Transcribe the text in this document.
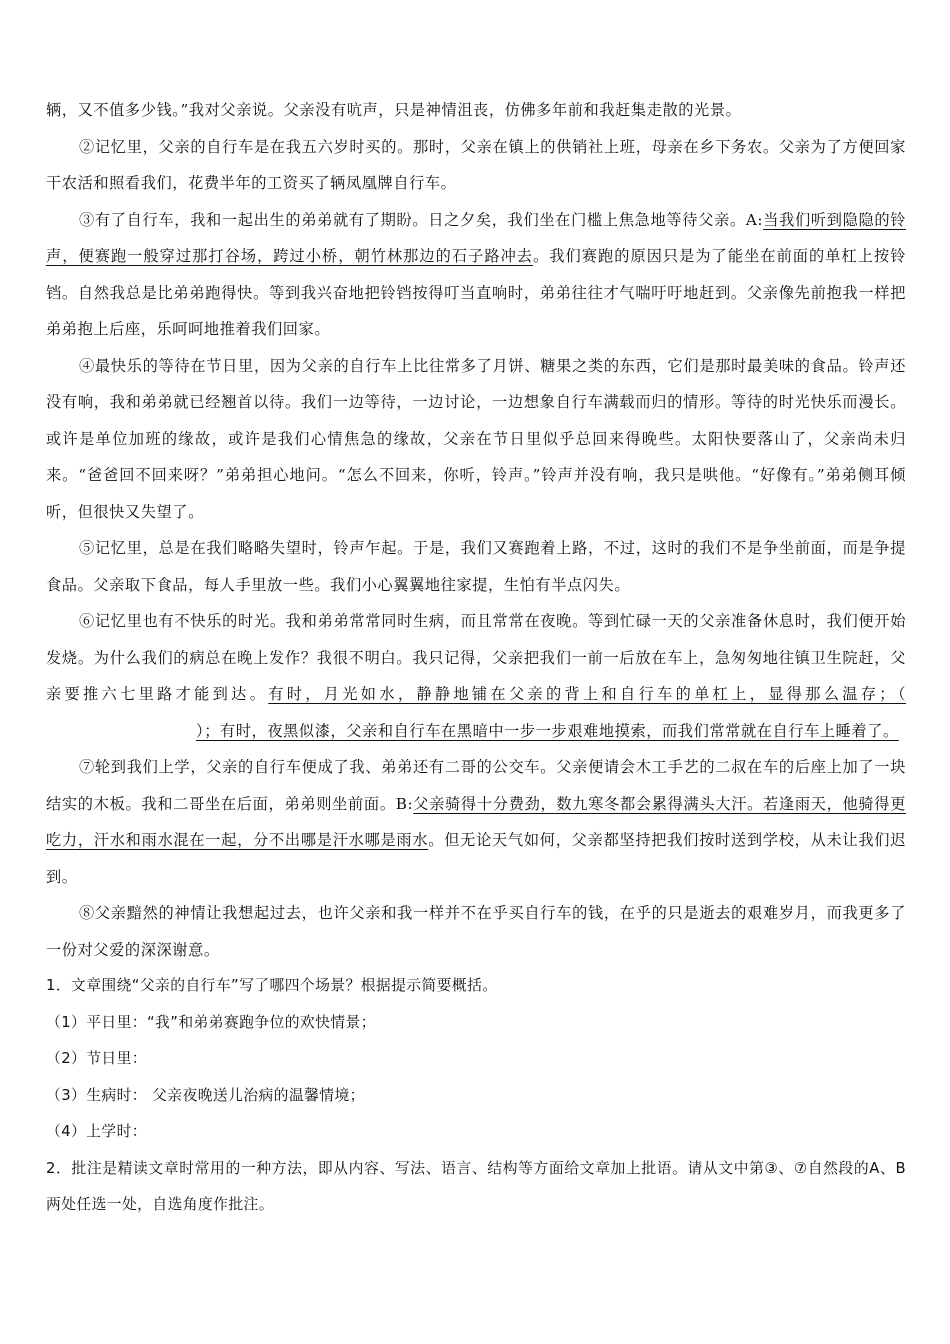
辆，又不值多少钱。”我对父亲说。父亲没有吭声，只是神情沮丧，仿佛多年前和我赶集走散的光景。

②记忆里，父亲的自行车是在我五六岁时买的。那时，父亲在镇上的供销社上班，母亲在乡下务农。父亲为了方便回家干农活和照看我们，花费半年的工资买了辆凤凰牌自行车。

③有了自行车，我和一起出生的弟弟就有了期盼。日之夕矣，我们坐在门槛上焦急地等待父亲。A:当我们听到隐隐的铃声，便赛跑一般穿过那打谷场，跨过小桥，朝竹林那边的石子路冲去。我们赛跑的原因只是为了能坐在前面的单杠上按铃铛。自然我总是比弟弟跑得快。等到我兴奋地把铃铛按得叮当直响时，弟弟往往才气喘吁吁地赶到。父亲像先前抱我一样把弟弟抱上后座，乐呵呵地推着我们回家。

④最快乐的等待在节日里，因为父亲的自行车上比往常多了月饼、糖果之类的东西，它们是那时最美味的食品。铃声还没有响，我和弟弟就已经翘首以待。我们一边等待，一边讨论，一边想象自行车满载而归的情形。等待的时光快乐而漫长。或许是单位加班的缘故，或许是我们心情焦急的缘故，父亲在节日里似乎总回来得晚些。太阳快要落山了，父亲尚未归来。“爸爸回不回来呀？”弟弟担心地问。“怎么不回来，你听，铃声。”铃声并没有响，我只是哄他。“好像有。”弟弟侧耳倾听，但很快又失望了。

⑤记忆里，总是在我们略略失望时，铃声乍起。于是，我们又赛跑着上路，不过，这时的我们不是争坐前面，而是争提食品。父亲取下食品，每人手里放一些。我们小心翼翼地往家提，生怕有半点闪失。

⑥记忆里也有不快乐的时光。我和弟弟常常同时生病，而且常常在夜晚。等到忙碌一天的父亲准备休息时，我们便开始发烧。为什么我们的病总在晚上发作？我很不明白。我只记得，父亲把我们一前一后放在车上，急匆匆地往镇卫生院赶，父亲要推六七里路才能到达。有时，月光如水，静静地铺在父亲的背上和自行车的单杠上，显得那么温存；（）；有时，夜黑似漆，父亲和自行车在黑暗中一步一步艰难地摸索，而我们常常就在自行车上睡着了。

⑦轮到我们上学，父亲的自行车便成了我、弟弟还有二哥的公交车。父亲便请会木工手艺的二叔在车的后座上加了一块结实的木板。我和二哥坐在后面，弟弟则坐前面。B:父亲骑得十分费劲，数九寒冬都会累得满头大汗。若逢雨天，他骑得更吃力，汗水和雨水混在一起，分不出哪是汗水哪是雨水。但无论天气如何，父亲都坚持把我们按时送到学校，从未让我们迟到。

⑧父亲黯然的神情让我想起过去，也许父亲和我一样并不在乎买自行车的钱，在乎的只是逝去的艰难岁月，而我更多了一份对父爱的深深谢意。

1．文章围绕“父亲的自行车”写了哪四个场景？根据提示简要概括。

（1）平日里：“我”和弟弟赛跑争位的欢快情景；

（2）节日里：

（3）生病时： 父亲夜晚送儿治病的温馨情境；

（4）上学时：

2．批注是精读文章时常用的一种方法，即从内容、写法、语言、结构等方面给文章加上批语。请从文中第③、⑦自然段的A、B两处任选一处，自选角度作批注。
